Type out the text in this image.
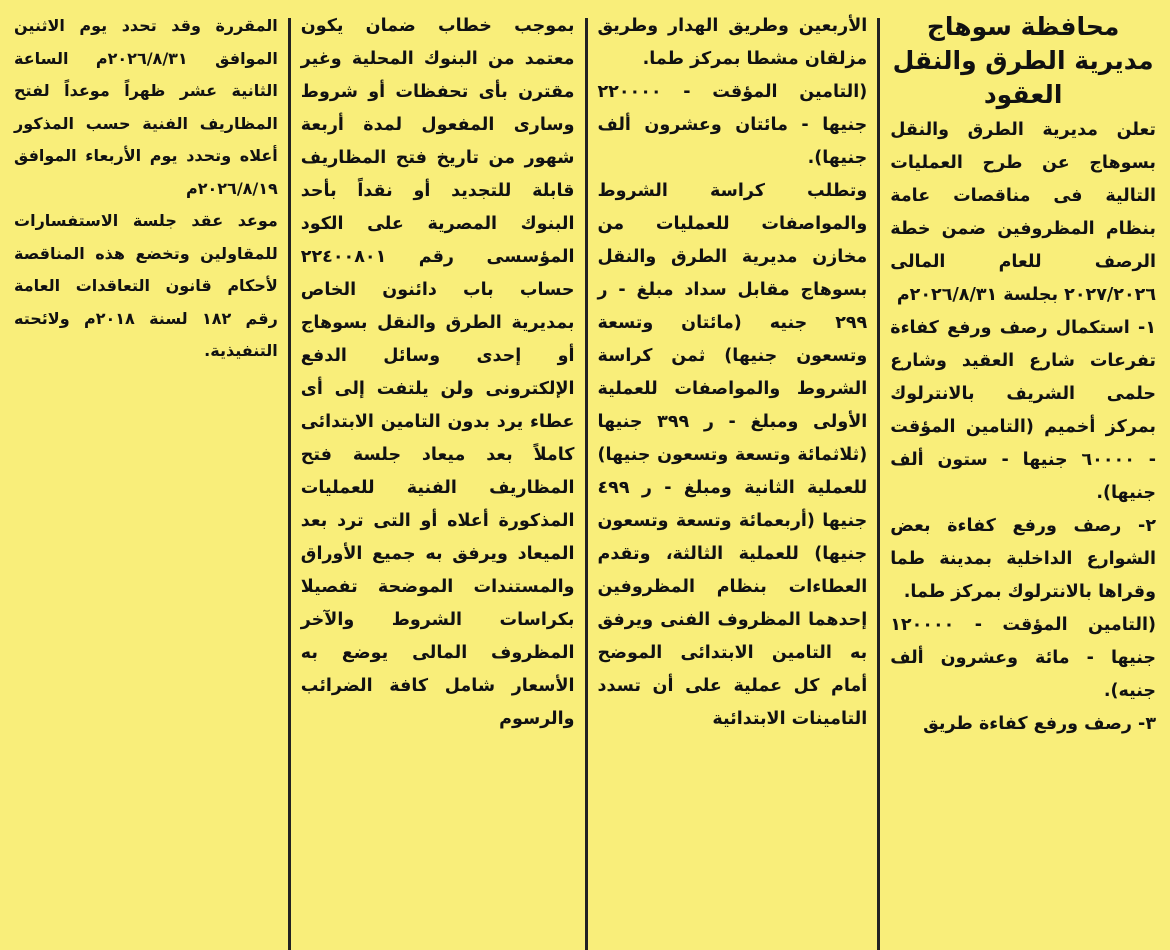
محافظة سوهاج

مديرية الطرق والنقل

العقود

تعلن مديرية الطرق والنقل بسوهاج عن طرح العمليات التالية فى مناقصات عامة بنظام المظروفين ضمن خطة الرصف للعام المالى ٢٠٢٧/٢٠٢٦ بجلسة ٢٠٢٦/٨/٣١م

١- استكمال رصف ورفع كفاءة تفرعات شارع العقيد وشارع حلمى الشريف بالانترلوك بمركز أخميم (التامين المؤقت - ٦٠٠٠٠ جنيها - ستون ألف جنيها).

٢- رصف ورفع كفاءة بعض الشوارع الداخلية بمدينة طما وقراها بالانترلوك بمركز طما.

(التامين المؤقت - ١٢٠٠٠٠ جنيها - مائة وعشرون ألف جنيه).

٣- رصف ورفع كفاءة طريق

الأربعين وطريق الهدار وطريق مزلقان مشطا بمركز طما.

(التامين المؤقت - ٢٢٠٠٠٠ جنيها - مائتان وعشرون ألف جنيها).

وتطلب كراسة الشروط والمواصفات للعمليات من مخازن مديرية الطرق والنقل بسوهاج مقابل سداد مبلغ - ر ٢٩٩ جنيه (مائتان وتسعة وتسعون جنيها) ثمن كراسة الشروط والمواصفات للعملية الأولى ومبلغ - ر ٣٩٩ جنيها (ثلاثمائة وتسعة وتسعون جنيها) للعملية الثانية ومبلغ - ر ٤٩٩ جنيها (أربعمائة وتسعة وتسعون جنيها) للعملية الثالثة، وتقدم العطاءات بنظام المظروفين إحدهما المظروف الفنى ويرفق به التامين الابتدائى الموضح أمام كل عملية على أن تسدد التامينات الابتدائية

بموجب خطاب ضمان يكون معتمد من البنوك المحلية وغير مقترن بأى تحفظات أو شروط وسارى المفعول لمدة أربعة شهور من تاريخ فتح المظاريف قابلة للتجديد أو نقداً بأحد البنوك المصرية على الكود المؤسسى رقم ٢٢٤٠٠٨٠١ حساب باب دائنون الخاص بمديرية الطرق والنقل بسوهاج أو إحدى وسائل الدفع الإلكترونى ولن يلتفت إلى أى عطاء يرد بدون التامين الابتدائى كاملاً بعد ميعاد جلسة فتح المظاريف الفنية للعمليات المذكورة أعلاه أو التى ترد بعد الميعاد ويرفق به جميع الأوراق والمستندات الموضحة تفصيلا بكراسات الشروط والآخر المظروف المالى يوضع به الأسعار شامل كافة الضرائب والرسوم

المقررة وقد تحدد يوم الاثنين الموافق ٢٠٢٦/٨/٣١م الساعة الثانية عشر ظهراً موعداً لفتح المظاريف الفنية حسب المذكور أعلاه وتحدد يوم الأربعاء الموافق ٢٠٢٦/٨/١٩م

موعد عقد جلسة الاستفسارات للمقاولين وتخضع هذه المناقصة لأحكام قانون التعاقدات العامة رقم ١٨٢ لسنة ٢٠١٨م ولائحته التنفيذية.
